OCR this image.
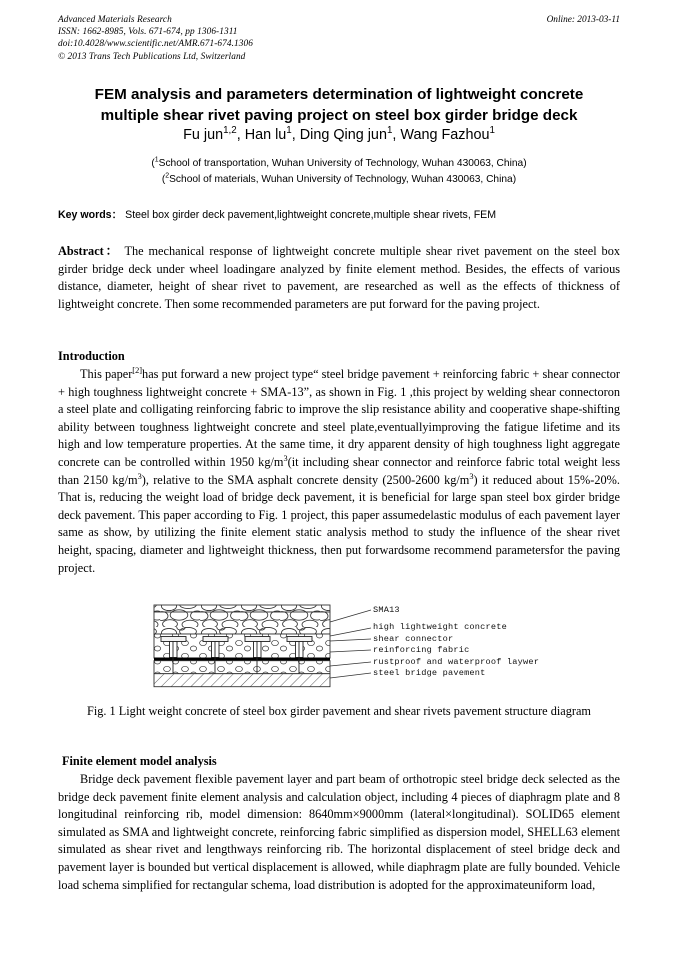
Online: 2013-03-11
Advanced Materials Research
ISSN: 1662-8985, Vols. 671-674, pp 1306-1311
doi:10.4028/www.scientific.net/AMR.671-674.1306
© 2013 Trans Tech Publications Ltd, Switzerland
FEM analysis and parameters determination of lightweight concrete
multiple shear rivet paving project on steel box girder bridge deck
Fu jun$^{1,2}$, Han $lu^1$, Ding Qing jun$^1$, Wang Fazhou$^1$
($^1$School of transportation, Wuhan University of Technology, Wuhan 430063, China)
($^2$School of materials, Wuhan University of Technology, Wuhan 430063, China)
Key words： Steel box girder deck pavement,lightweight concrete,multiple shear rivets, FEM
Abstract： The mechanical response of lightweight concrete multiple shear rivet pavement on the steel box girder bridge deck under wheel loadingare analyzed by finite element method. Besides, the effects of various distance, diameter, height of shear rivet to pavement, are researched as well as the effects of thickness of lightweight concrete. Then some recommended parameters are put forward for the paving project.
Introduction
This paper[2]has put forward a new project type“ steel bridge pavement + reinforcing fabric + shear connector + high toughness lightweight concrete + SMA-13”, as shown in Fig. 1 ,this project by welding shear connectoron a steel plate and colligating reinforcing fabric to improve the slip resistance ability and cooperative shape-shifting ability between toughness lightweight concrete and steel plate,eventuallyimproving the fatigue lifetime and its high and low temperature properties. At the same time, it dry apparent density of high toughness light aggregate concrete can be controlled within 1950 $kg/m^3(it$ including shear connector and reinforce fabric total weight less than 2150 $kg/m^3$), relative to the SMA asphalt concrete density (2500-2600 $kg/m^3$) it reduced about 15%-20%. That is, reducing the weight load of bridge deck pavement, it is beneficial for large span steel box girder bridge deck pavement. This paper according to Fig. 1 project, this paper assumedelastic modulus of each pavement layer same as show, by utilizing the finite element static analysis method to study the influence of the shear rivet height, spacing, diameter and lightweight thickness, then put forwardsome recommend parametersfor the paving project.
SMA13
high lightweight concrete
shear connector
reinforcing fabric
rustproof and waterproof laywer
steel bridge pavement
Fig. 1 Light weight concrete of steel box girder pavement and shear rivets pavement structure diagram
Finite element model analysis
Bridge deck pavement flexible pavement layer and part beam of orthotropic steel bridge deck selected as the bridge deck pavement finite element analysis and calculation object, including 4 pieces of diaphragm plate and 8 longitudinal reinforcing rib, model dimension: 8640mm×9000mm (lateral×longitudinal). SOLID65 element simulated as SMA and lightweight concrete, reinforcing fabric simplified as dispersion model, SHELL63 element simulated as shear rivet and lengthways reinforcing rib. The horizontal displacement of steel bridge deck and pavement layer is bounded but vertical displacement is allowed, while diaphragm plate are fully bounded. Vehicle load schema simplified for rectangular schema, load distribution is adopted for the approximateuniform load,
